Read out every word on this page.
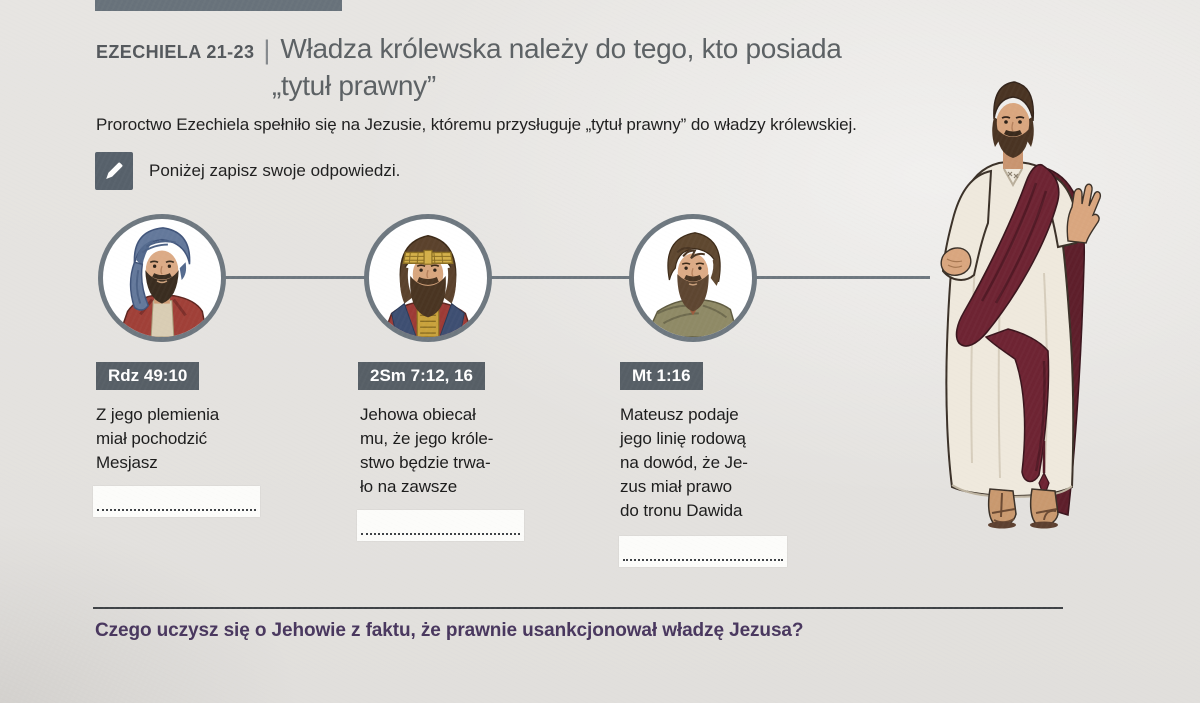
EZECHIELA 21-23 | Władza królewska należy do tego, kto posiada
„tytuł prawny”
Proroctwo Ezechiela spełniło się na Jezusie, któremu przysługuje „tytuł prawny” do władzy królewskiej.
Poniżej zapisz swoje odpowiedzi.
Rdz 49:10	2Sm 7:12, 16	Mt 1:16
Z jego plemienia
miał pochodzić
Mesjasz
Jehowa obiecał
mu, że jego króle-
stwo będzie trwa-
ło na zawsze
Mateusz podaje
jego linię rodową
na dowód, że Je-
zus miał prawo
do tronu Dawida
Czego uczysz się o Jehowie z faktu, że prawnie usankcjonował władzę Jezusa?
